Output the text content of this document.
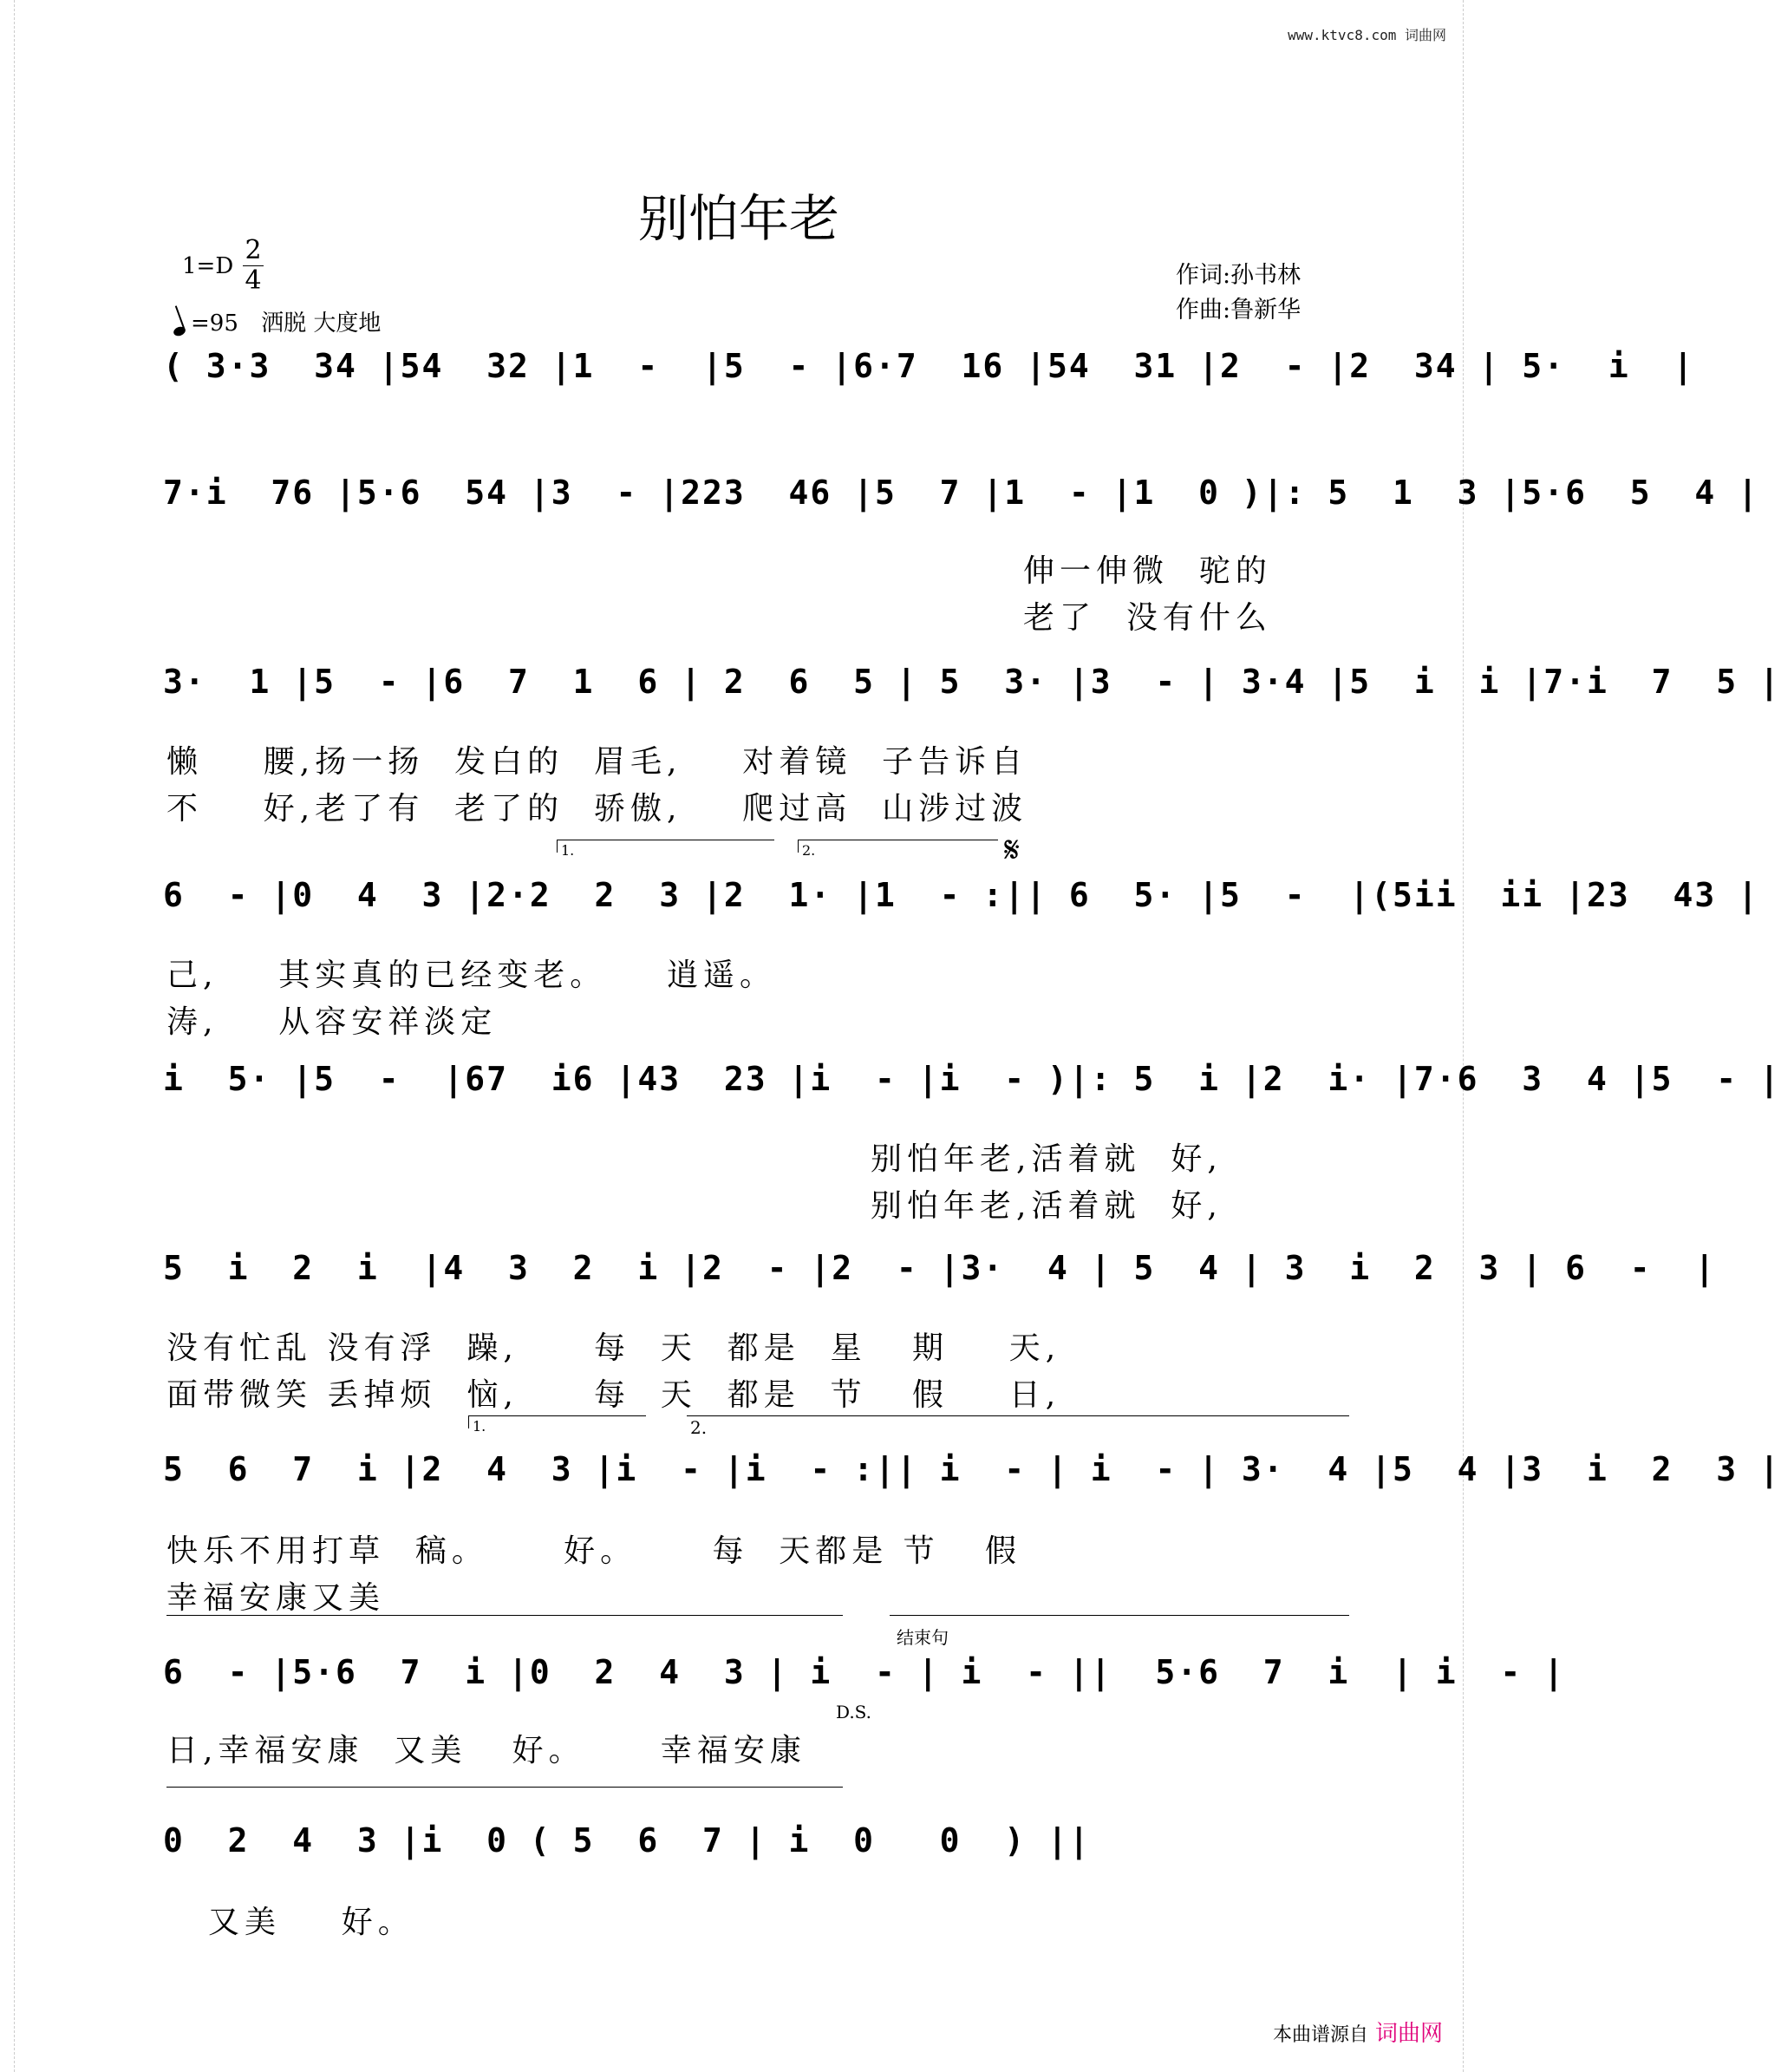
www.ktvc8.com 词曲网
别怕年老
1=D
2
4
=95 洒脱 大度地
作词:孙书林
作曲:鲁新华
( 3·3  34 |54  32 |1  -  |5  - |6·7  16 |54  31 |2  - |2  34 | 5·  i  |
7·i  76 |5·6  54 |3  - |223  46 |5  7 |1  - |1  0 )|: 5  1  3 |5·6  5  4 |
伸一伸微  驼的
老了  没有什么
3·  1 |5  - |6  7  1  6 | 2  6  5 | 5  3· |3  - | 3·4 |5  i  i |7·i  7  5 |
懒    腰,扬一扬  发白的  眉毛,    对着镜  子告诉自
不    好,老了有  老了的  骄傲,    爬过高  山涉过波
1.	2.	𝄋
6  - |0  4  3 |2·2  2  3 |2  1· |1  - :|| 6  5· |5  -  |(5ii  ii |23  43 |
己,    其实真的已经变老。    逍遥。
涛,    从容安祥淡定
i  5· |5  -  |67  i6 |43  23 |i  - |i  - )|: 5  i |2  i· |7·6  3  4 |5  - |
别怕年老,活着就  好,
别怕年老,活着就  好,
5  i  2  i  |4  3  2  i |2  - |2  - |3·  4 | 5  4 | 3  i  2  3 | 6  -  |
没有忙乱 没有浮  躁,     每  天  都是  星   期    天,
面带微笑 丢掉烦  恼,     每  天  都是  节   假    日,
1.	2.
5  6  7  i |2  4  3 |i  - |i  - :|| i  - | i  - | 3·  4 |5  4 |3  i  2  3 |
快乐不用打草  稿。     好。     每  天都是 节   假
幸福安康又美
结束句
6  - |5·6  7  i |0  2  4  3 | i  - | i  - ||  5·6  7  i  | i  - |
D.S.
日,幸福安康  又美   好。     幸福安康
0  2  4  3 |i  0 ( 5  6  7 | i  0   0  ) ||
又美    好。
本曲谱源自 词曲网
